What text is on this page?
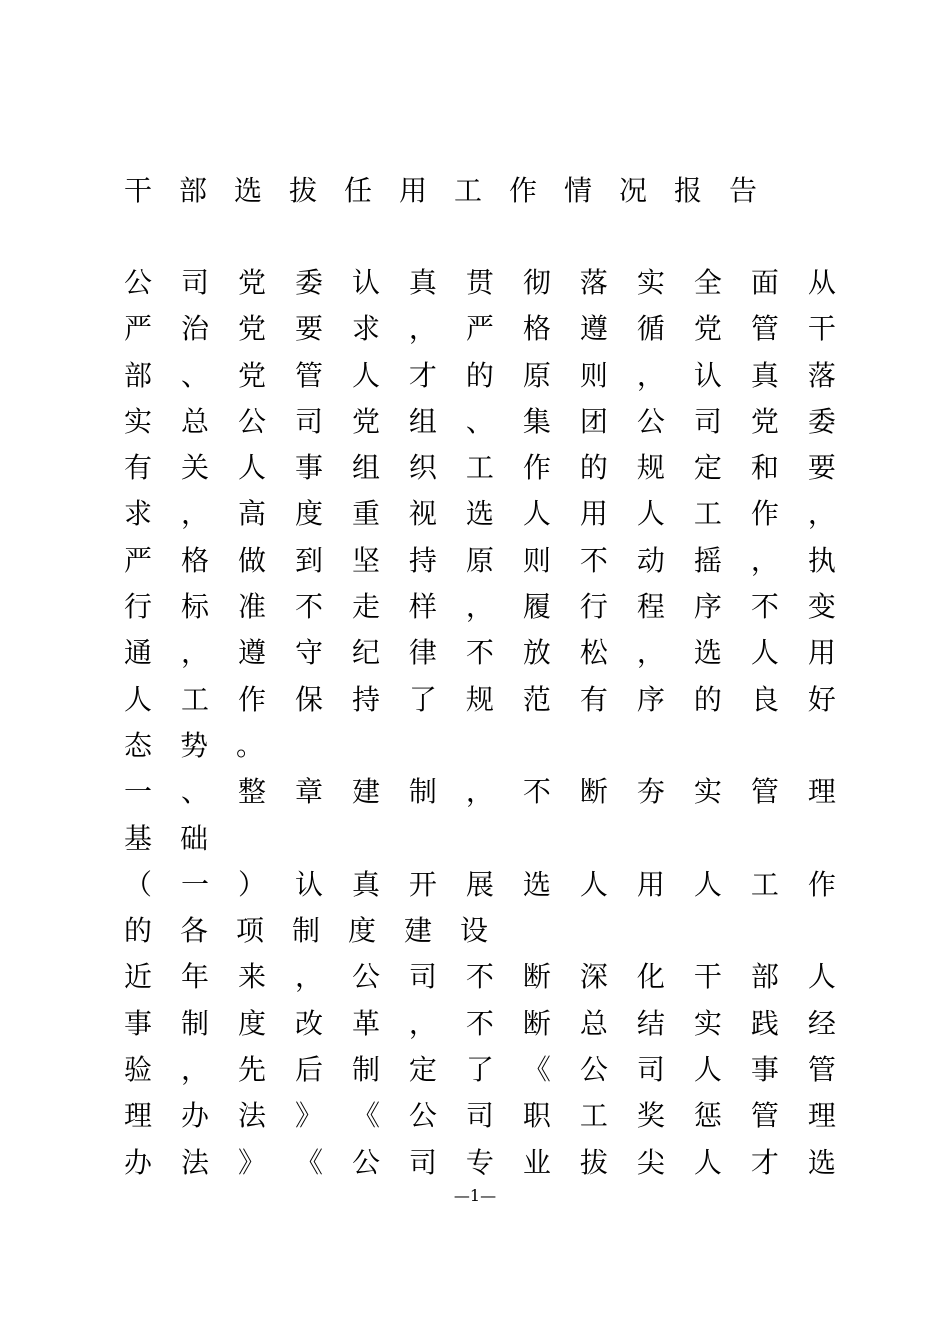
干部选拔任用工作情况报告
公 司 党 委 认 真 贯 彻 落 实 全 面 从
严 治 党 要 求 ， 严 格 遵 循 党 管 干
部 、 党 管 人 才 的 原 则 ， 认 真 落
实 总 公 司 党 组 、 集 团 公 司 党 委
有 关 人 事 组 织 工 作 的 规 定 和 要
求 ， 高 度 重 视 选 人 用 人 工 作 ，
严 格 做 到 坚 持 原 则 不 动 摇 ， 执
行 标 准 不 走 样 ， 履 行 程 序 不 变
通 ， 遵 守 纪 律 不 放 松 ， 选 人 用
人 工 作 保 持 了 规 范 有 序 的 良 好
态 势 。
一 、 整 章 建 制 ， 不 断 夯 实 管 理
基 础
（ 一 ） 认 真 开 展 选 人 用 人 工 作
的 各 项 制 度 建 设
近 年 来 ， 公 司 不 断 深 化 干 部 人
事 制 度 改 革 ， 不 断 总 结 实 践 经
验 ， 先 后 制 定 了 《 公 司 人 事 管
理 办 法 》 《 公 司 职 工 奖 惩 管 理
办 法 》 《 公 司 专 业 拔 尖 人 才 选
—1—
